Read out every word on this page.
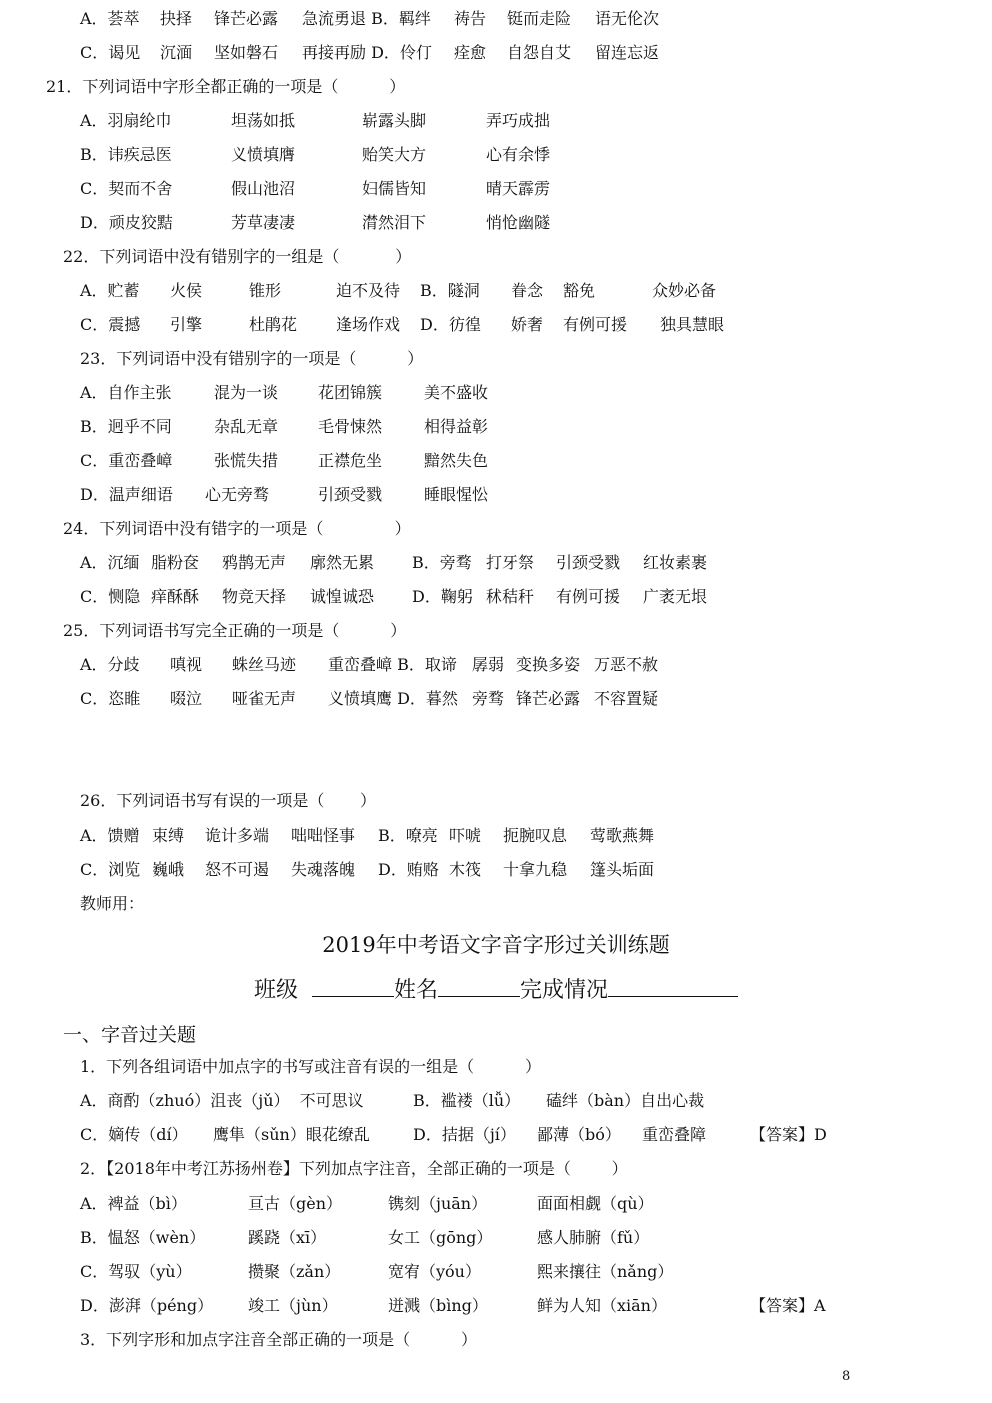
A．荟萃 抉择 锋芒必露 急流勇退 B．羁绊 祷告 铤而走险 语无伦次
C．谒见 沉湎 坚如磐石 再接再励 D．伶仃 痊愈 自怨自艾 留连忘返
21．下列词语中字形全都正确的一项是（          ）
A．羽扇纶巾	坦荡如抵	崭露头脚	弄巧成拙
B．讳疾忌医	义愤填膺	贻笑大方	心有余悸
C．契而不舍	假山池沼	妇儒皆知	晴天霹雳
D．顽皮狡黠	芳草凄凄	潸然泪下	悄怆幽隧
22．下列词语中没有错别字的一组是（           ）
A．贮蓄 火侯	锥形	迫不及待 B．隧洞 眷念 豁免	众妙必备
C．震撼 引擎	杜鹃花 逢场作戏 D．彷徨 娇奢 有例可援 独具慧眼
23．下列词语中没有错别字的一项是（          ）
A．自作主张	混为一谈 花团锦簇	美不盛收
B．迥乎不同	杂乱无章 毛骨悚然	相得益彰
C．重峦叠嶂	张慌失措 正襟危坐	黯然失色
D．温声细语 心无旁骛	引颈受戮	睡眼惺忪
24．下列词语中没有错字的一项是（              ）
A．沉缅 脂粉奁 鸦鹊无声 廓然无累 B．旁骛 打牙祭 引颈受戮 红妆素裹
C．恻隐 痒酥酥 物竞天择 诚惶诚恐 D．鞠躬 秫秸秆 有例可援 广袤无垠
25．下列词语书写完全正确的一项是（          ）
A．分歧 嗔视 蛛丝马迹 重峦叠嶂 B．取谛 孱弱 变换多姿 万恶不赦
C．恣睢 啜泣 哑雀无声 义愤填鹰 D．暮然 旁骛 锋芒必露 不容置疑
26．下列词语书写有误的一项是（       ）
A．馈赠 束缚 诡计多端 咄咄怪事 B．嘹亮 吓唬 扼腕叹息 莺歌燕舞
C．浏览 巍峨 怒不可遏 失魂落魄 D．贿赂 木筏 十拿九稳 篷头垢面
教师用：
1．下列各组词语中加点字的书写或注音有误的一组是（          ）
A．商酌（zhuó）沮丧（jǔ）  不可思议	B．褴褛（lǚ） 磕绊（bàn）自出心裁
C．嫡传（dí） 鹰隼（sǔn）眼花缭乱	D．拮据（jí） 鄙薄（bó） 重峦叠障	【答案】D
2．【2018年中考江苏扬州卷】下列加点字注音，全部正确的一项是（        ）
A．裨益（bì）	亘古（gèn）	镌刻（juān）	面面相觑（qù）
B．愠怒（wèn）	蹊跷（xī）	女工（gōng）	感人肺腑（fǔ）
C．驾驭（yù）	攒聚（zǎn）	宽宥（yóu）	熙来攘往（nǎng）
D．澎湃（péng） 竣工（jùn）	迸溅（bìng）	鲜为人知（xiān）	【答案】A
3．下列字形和加点字注音全部正确的一项是（          ）
2019年中考语文字音字形过关训练题
班级	姓名	完成情况
一、字音过关题
8
